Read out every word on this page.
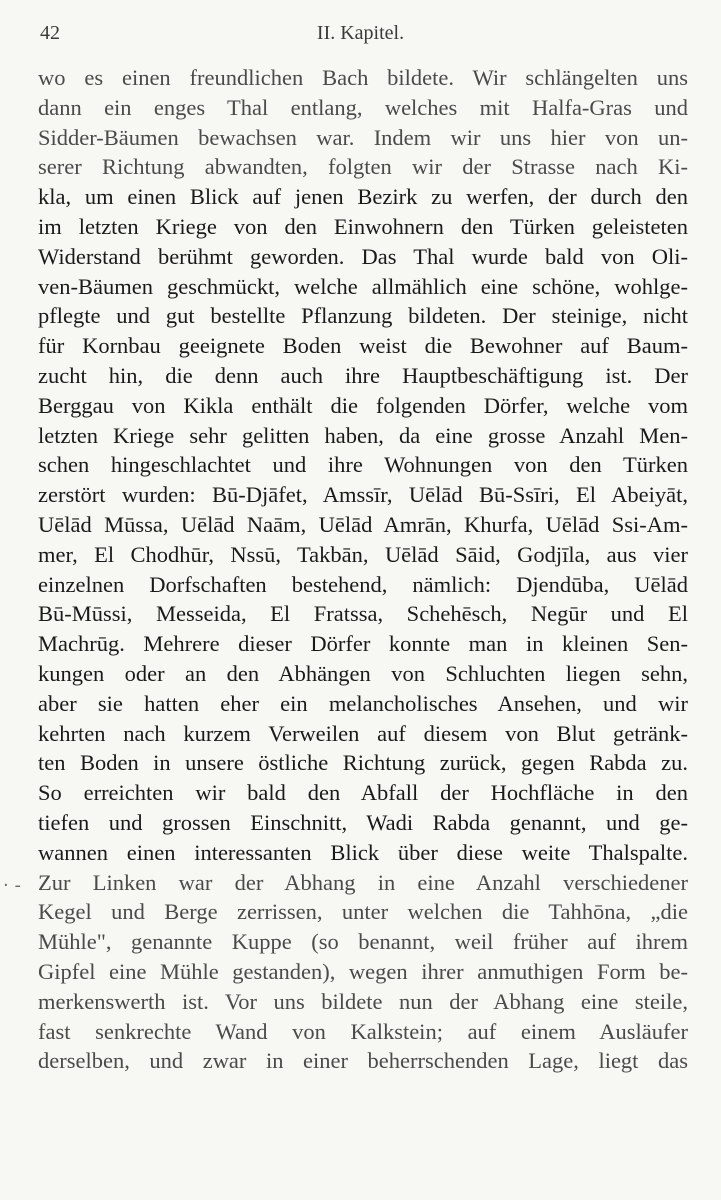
42	II. Kapitel.
· -
wo es einen freundlichen Bach bildete. Wir schlängelten uns
dann ein enges Thal entlang, welches mit Halfa-Gras und
Sidder-Bäumen bewachsen war. Indem wir uns hier von un-
serer Richtung abwandten, folgten wir der Strasse nach Ki-
kla, um einen Blick auf jenen Bezirk zu werfen, der durch den
im letzten Kriege von den Einwohnern den Türken geleisteten
Widerstand berühmt geworden. Das Thal wurde bald von Oli-
ven-Bäumen geschmückt, welche allmählich eine schöne, wohlge-
pflegte und gut bestellte Pflanzung bildeten. Der steinige, nicht
für Kornbau geeignete Boden weist die Bewohner auf Baum-
zucht hin, die denn auch ihre Hauptbeschäftigung ist. Der
Berggau von Kikla enthält die folgenden Dörfer, welche vom
letzten Kriege sehr gelitten haben, da eine grosse Anzahl Men-
schen hingeschlachtet und ihre Wohnungen von den Türken
zerstört wurden: Bū-Djāfet, Amssīr, Uēlād Bū-Ssīri, El Abeiyāt,
Uēlād Mūssa, Uēlād Naām, Uēlād Amrān, Khurfa, Uēlād Ssi-Am-
mer, El Chodhūr, Nssū, Takbān, Uēlād Sāid, Godjīla, aus vier
einzelnen Dorfschaften bestehend, nämlich: Djendūba, Uēlād
Bū-Mūssi, Messeida, El Fratssa, Schehēsch, Negūr und El
Machrūg. Mehrere dieser Dörfer konnte man in kleinen Sen-
kungen oder an den Abhängen von Schluchten liegen sehn,
aber sie hatten eher ein melancholisches Ansehen, und wir
kehrten nach kurzem Verweilen auf diesem von Blut getränk-
ten Boden in unsere östliche Richtung zurück, gegen Rabda zu.
So erreichten wir bald den Abfall der Hochfläche in den
tiefen und grossen Einschnitt, Wadi Rabda genannt, und ge-
wannen einen interessanten Blick über diese weite Thalspalte.
Zur Linken war der Abhang in eine Anzahl verschiedener
Kegel und Berge zerrissen, unter welchen die Tahhōna, „die
Mühle", genannte Kuppe (so benannt, weil früher auf ihrem
Gipfel eine Mühle gestanden), wegen ihrer anmuthigen Form be-
merkenswerth ist. Vor uns bildete nun der Abhang eine steile,
fast senkrechte Wand von Kalkstein; auf einem Ausläufer
derselben, und zwar in einer beherrschenden Lage, liegt das
